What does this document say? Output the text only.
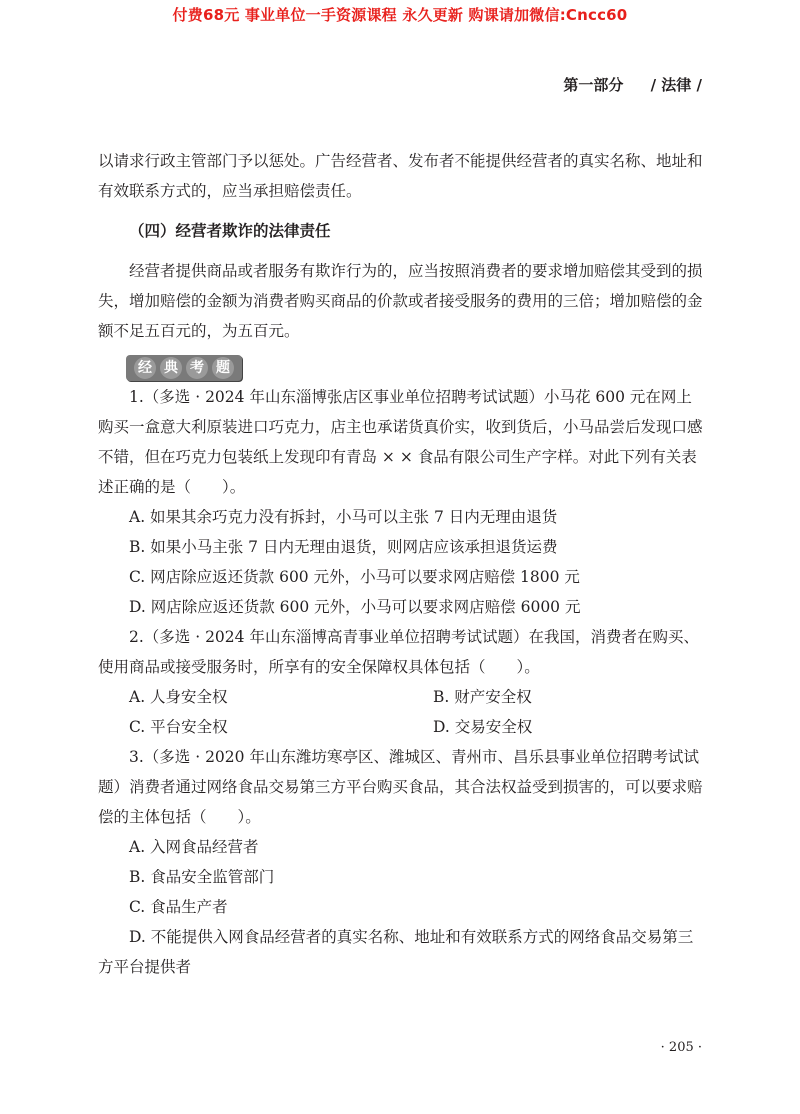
付费68元 事业单位一手资源课程 永久更新 购课请加微信:Cncc60
第一部分 / 法律 /

以请求行政主管部门予以惩处。广告经营者、发布者不能提供经营者的真实名称、地址和有效联系方式的，应当承担赔偿责任。

（四）经营者欺诈的法律责任

经营者提供商品或者服务有欺诈行为的，应当按照消费者的要求增加赔偿其受到的损失，增加赔偿的金额为消费者购买商品的价款或者接受服务的费用的三倍；增加赔偿的金额不足五百元的，为五百元。

经 典 考 题

1.（多选 · 2024 年山东淄博张店区事业单位招聘考试试题）小马花 600 元在网上购买一盒意大利原装进口巧克力，店主也承诺货真价实，收到货后，小马品尝后发现口感不错，但在巧克力包装纸上发现印有青岛 × × 食品有限公司生产字样。对此下列有关表述正确的是（　　）。

A. 如果其余巧克力没有拆封，小马可以主张 7 日内无理由退货

B. 如果小马主张 7 日内无理由退货，则网店应该承担退货运费

C. 网店除应返还货款 600 元外，小马可以要求网店赔偿 1800 元

D. 网店除应返还货款 600 元外，小马可以要求网店赔偿 6000 元

2.（多选 · 2024 年山东淄博高青事业单位招聘考试试题）在我国，消费者在购买、使用商品或接受服务时，所享有的安全保障权具体包括（　　）。

A. 人身安全权	B. 财产安全权

C. 平台安全权	D. 交易安全权

3.（多选 · 2020 年山东潍坊寒亭区、潍城区、青州市、昌乐县事业单位招聘考试试题）消费者通过网络食品交易第三方平台购买食品，其合法权益受到损害的，可以要求赔偿的主体包括（　　）。

A. 入网食品经营者

B. 食品安全监管部门

C. 食品生产者

D. 不能提供入网食品经营者的真实名称、地址和有效联系方式的网络食品交易第三方平台提供者

· 205 ·
